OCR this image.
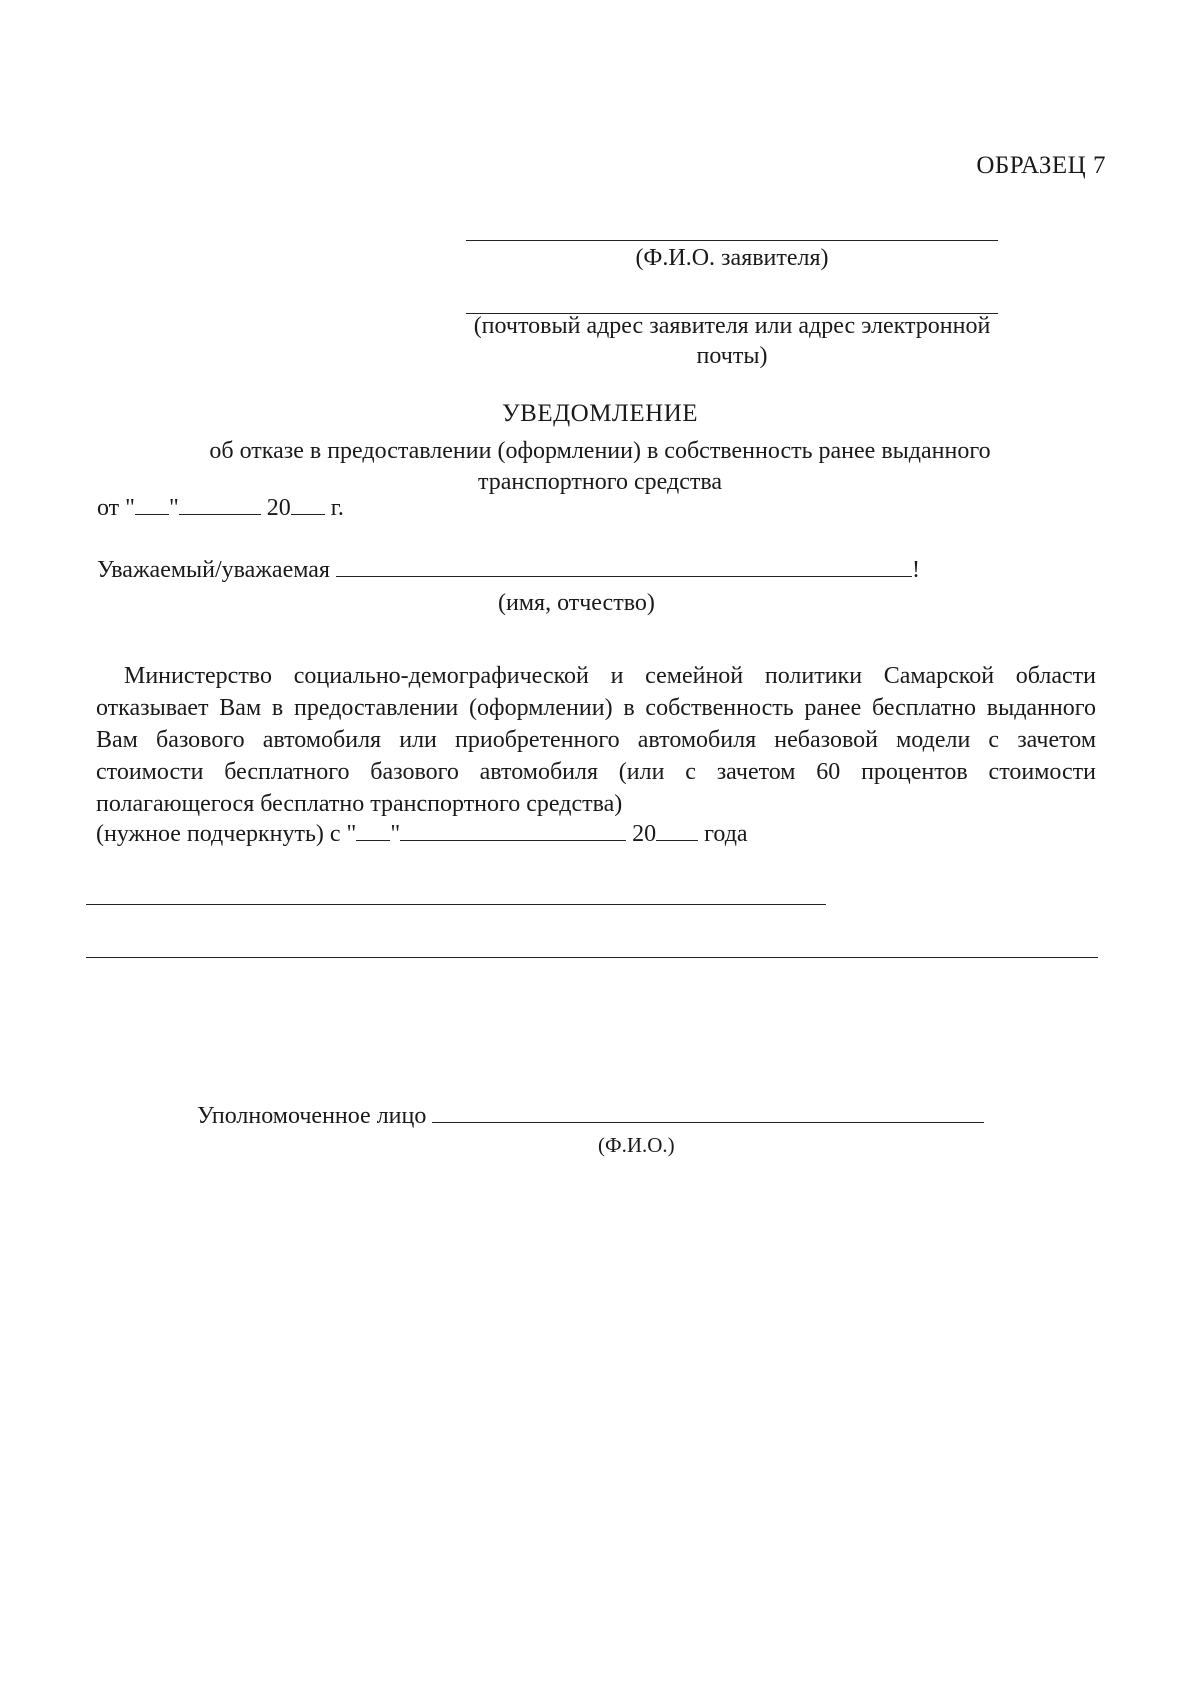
ОБРАЗЕЦ 7
(Ф.И.О. заявителя)
(почтовый адрес заявителя или адрес электронной почты)
УВЕДОМЛЕНИЕ
об отказе в предоставлении (оформлении) в собственность ранее выданного транспортного средства
от " "	20 г.
Уважаемый/уважаемая	!
(имя, отчество)

Министерство социально-демографической и семейной политики Самарской области отказывает Вам в предоставлении (оформлении) в собственность ранее бесплатно выданного Вам базового автомобиля или приобретенного автомобиля небазовой модели с зачетом стоимости бесплатного базового автомобиля (или с зачетом 60 процентов стоимости полагающегося бесплатно транспортного средства)

(нужное подчеркнуть) с " "	20 года
Уполномоченное лицо
(Ф.И.О.)
